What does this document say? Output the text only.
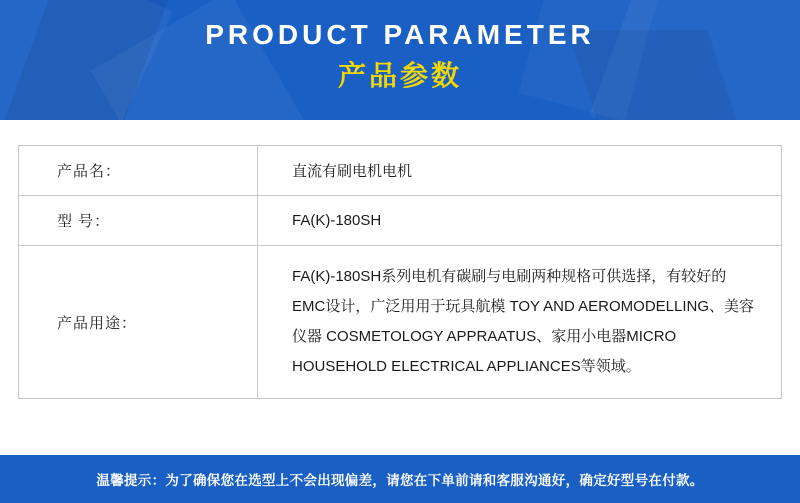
PRODUCT PARAMETER
产品参数
产品名：	直流有刷电机电机
型 号：	FA(K)-180SH
产品用途：	FA(K)-180SH系列电机有碳刷与电刷两种规格可供选择，有较好的EMC设计，广泛用用于玩具航模 TOY AND AEROMODELLING、美容仪器 COSMETOLOGY APPRAATUS、家用小电器MICRO HOUSEHOLD ELECTRICAL APPLIANCES等领域。
温馨提示：为了确保您在选型上不会出现偏差，请您在下单前请和客服沟通好，确定好型号在付款。
